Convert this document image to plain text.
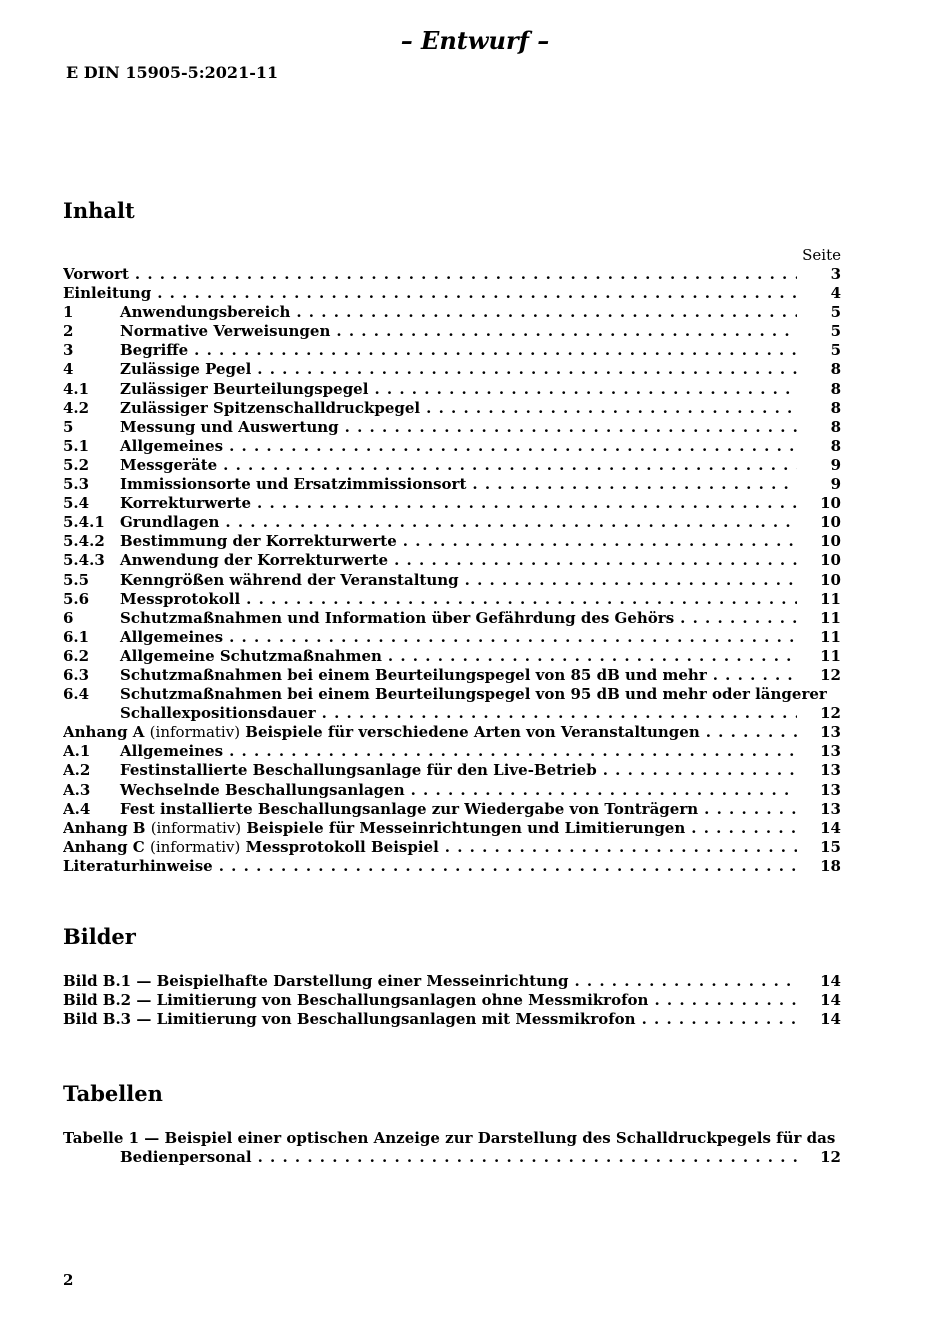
– Entwurf –
E DIN 15905-5:2021-11
Inhalt
Seite
Vorwort . . .	3
Einleitung . . .	4
1	Anwendungsbereich . . .	5
2	Normative Verweisungen . . .	5
3	Begriffe . . .	5
4	Zulässige Pegel . . .	8
4.1 Zulässiger Beurteilungspegel . . .	8
4.2 Zulässiger Spitzenschalldruckpegel . . .	8
5	Messung und Auswertung . . .	8
5.1 Allgemeines . . .	8
5.2 Messgeräte . . .	9
5.3 Immissionsorte und Ersatzimmissionsort . . .	9
5.4 Korrekturwerte . . .	10
5.4.1 Grundlagen . . .	10
5.4.2 Bestimmung der Korrekturwerte . . .	10
5.4.3 Anwendung der Korrekturwerte . . .	10
5.5 Kenngrößen während der Veranstaltung . . .	10
5.6 Messprotokoll . . .	11
6	Schutzmaßnahmen und Information über Gefährdung des Gehörs . . .	11
6.1 Allgemeines . . .	11
6.2 Allgemeine Schutzmaßnahmen . . .	11
6.3 Schutzmaßnahmen bei einem Beurteilungspegel von 85 dB und mehr . . .	12
6.4 Schutzmaßnahmen bei einem Beurteilungspegel von 95 dB und mehr oder längerer
Schallexpositionsdauer . . .	12
Anhang A (informativ) Beispiele für verschiedene Arten von Veranstaltungen . . .	13
A.1 Allgemeines . . .	13
A.2 Festinstallierte Beschallungsanlage für den Live-Betrieb . . .	13
A.3 Wechselnde Beschallungsanlagen . . .	13
A.4 Fest installierte Beschallungsanlage zur Wiedergabe von Tonträgern . . .	13
Anhang B (informativ) Beispiele für Messeinrichtungen und Limitierungen . . .	14
Anhang C (informativ) Messprotokoll Beispiel . . .	15
Literaturhinweise . . .	18
Bilder
Bild B.1 — Beispielhafte Darstellung einer Messeinrichtung . . .	14
Bild B.2 — Limitierung von Beschallungsanlagen ohne Messmikrofon . . .	14
Bild B.3 — Limitierung von Beschallungsanlagen mit Messmikrofon . . .	14
Tabellen
Tabelle 1 — Beispiel einer optischen Anzeige zur Darstellung des Schalldruckpegels für das
Bedienpersonal . . .	12
2
